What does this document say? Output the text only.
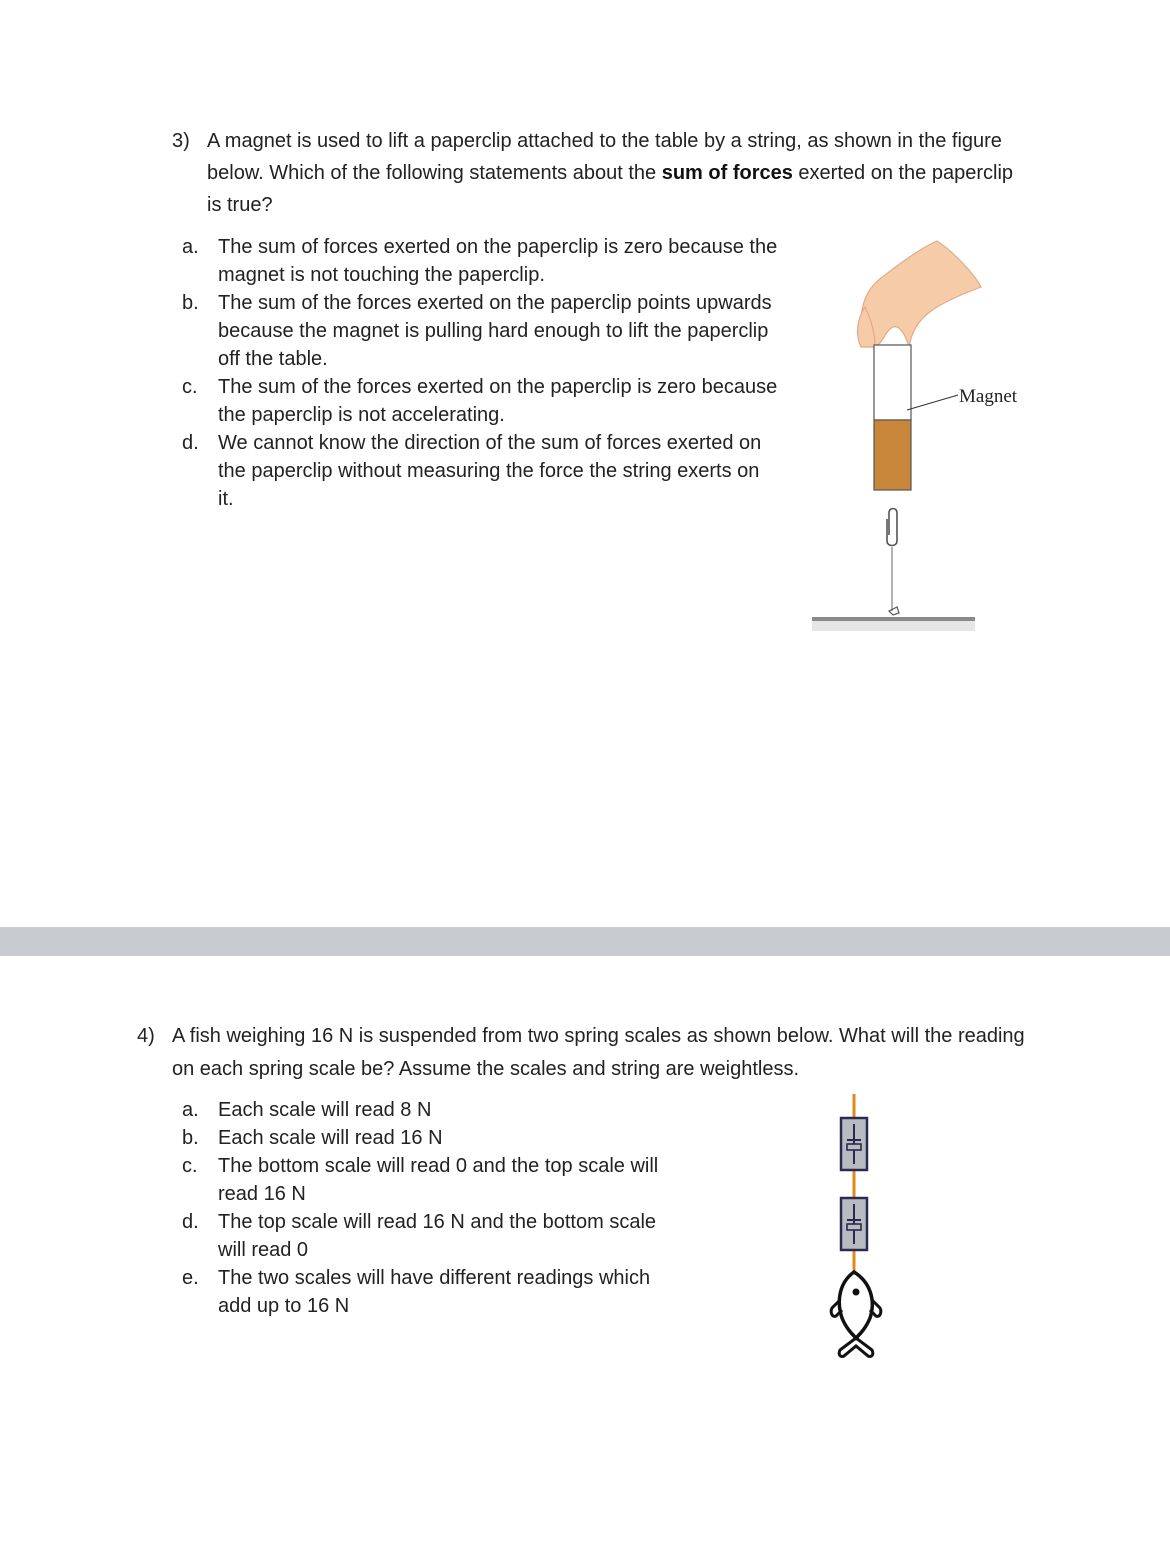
3) A magnet is used to lift a paperclip attached to the table by a string, as shown in the figure below. Which of the following statements about the sum of forces exerted on the paperclip is true?
a. The sum of forces exerted on the paperclip is zero because the magnet is not touching the paperclip.
b. The sum of the forces exerted on the paperclip points upwards because the magnet is pulling hard enough to lift the paperclip off the table.
c.	The sum of the forces exerted on the paperclip is zero because the paperclip is not accelerating.
d. We cannot know the direction of the sum of forces exerted on the paperclip without measuring the force the string exerts on it.
Magnet
4) A fish weighing 16 N is suspended from two spring scales as shown below. What will the reading on each spring scale be? Assume the scales and string are weightless.
a. Each scale will read 8 N
b. Each scale will read 16 N
c.	The bottom scale will read 0 and the top scale will read 16 N
d. The top scale will read 16 N and the bottom scale will read 0
e. The two scales will have different readings which add up to 16 N
